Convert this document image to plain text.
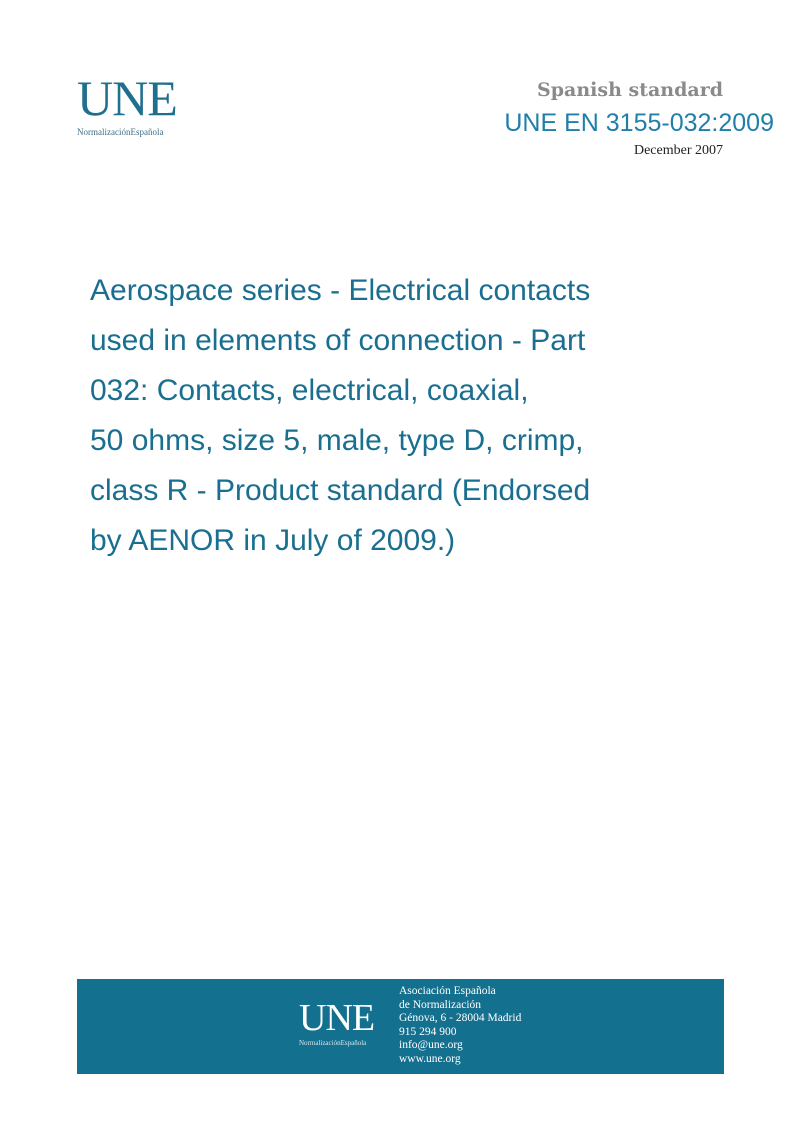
UNE
NormalizaciónEspañola
Spanish standard
UNE EN 3155-032:2009
December 2007
Aerospace series - Electrical contacts
used in elements of connection - Part
032: Contacts, electrical, coaxial,
50 ohms, size 5, male, type D, crimp,
class R - Product standard (Endorsed
by AENOR in July of 2009.)
UNE
NormalizaciónEspañola
Asociación Española
de Normalización
Génova, 6 - 28004 Madrid
915 294 900
info@une.org
www.une.org
